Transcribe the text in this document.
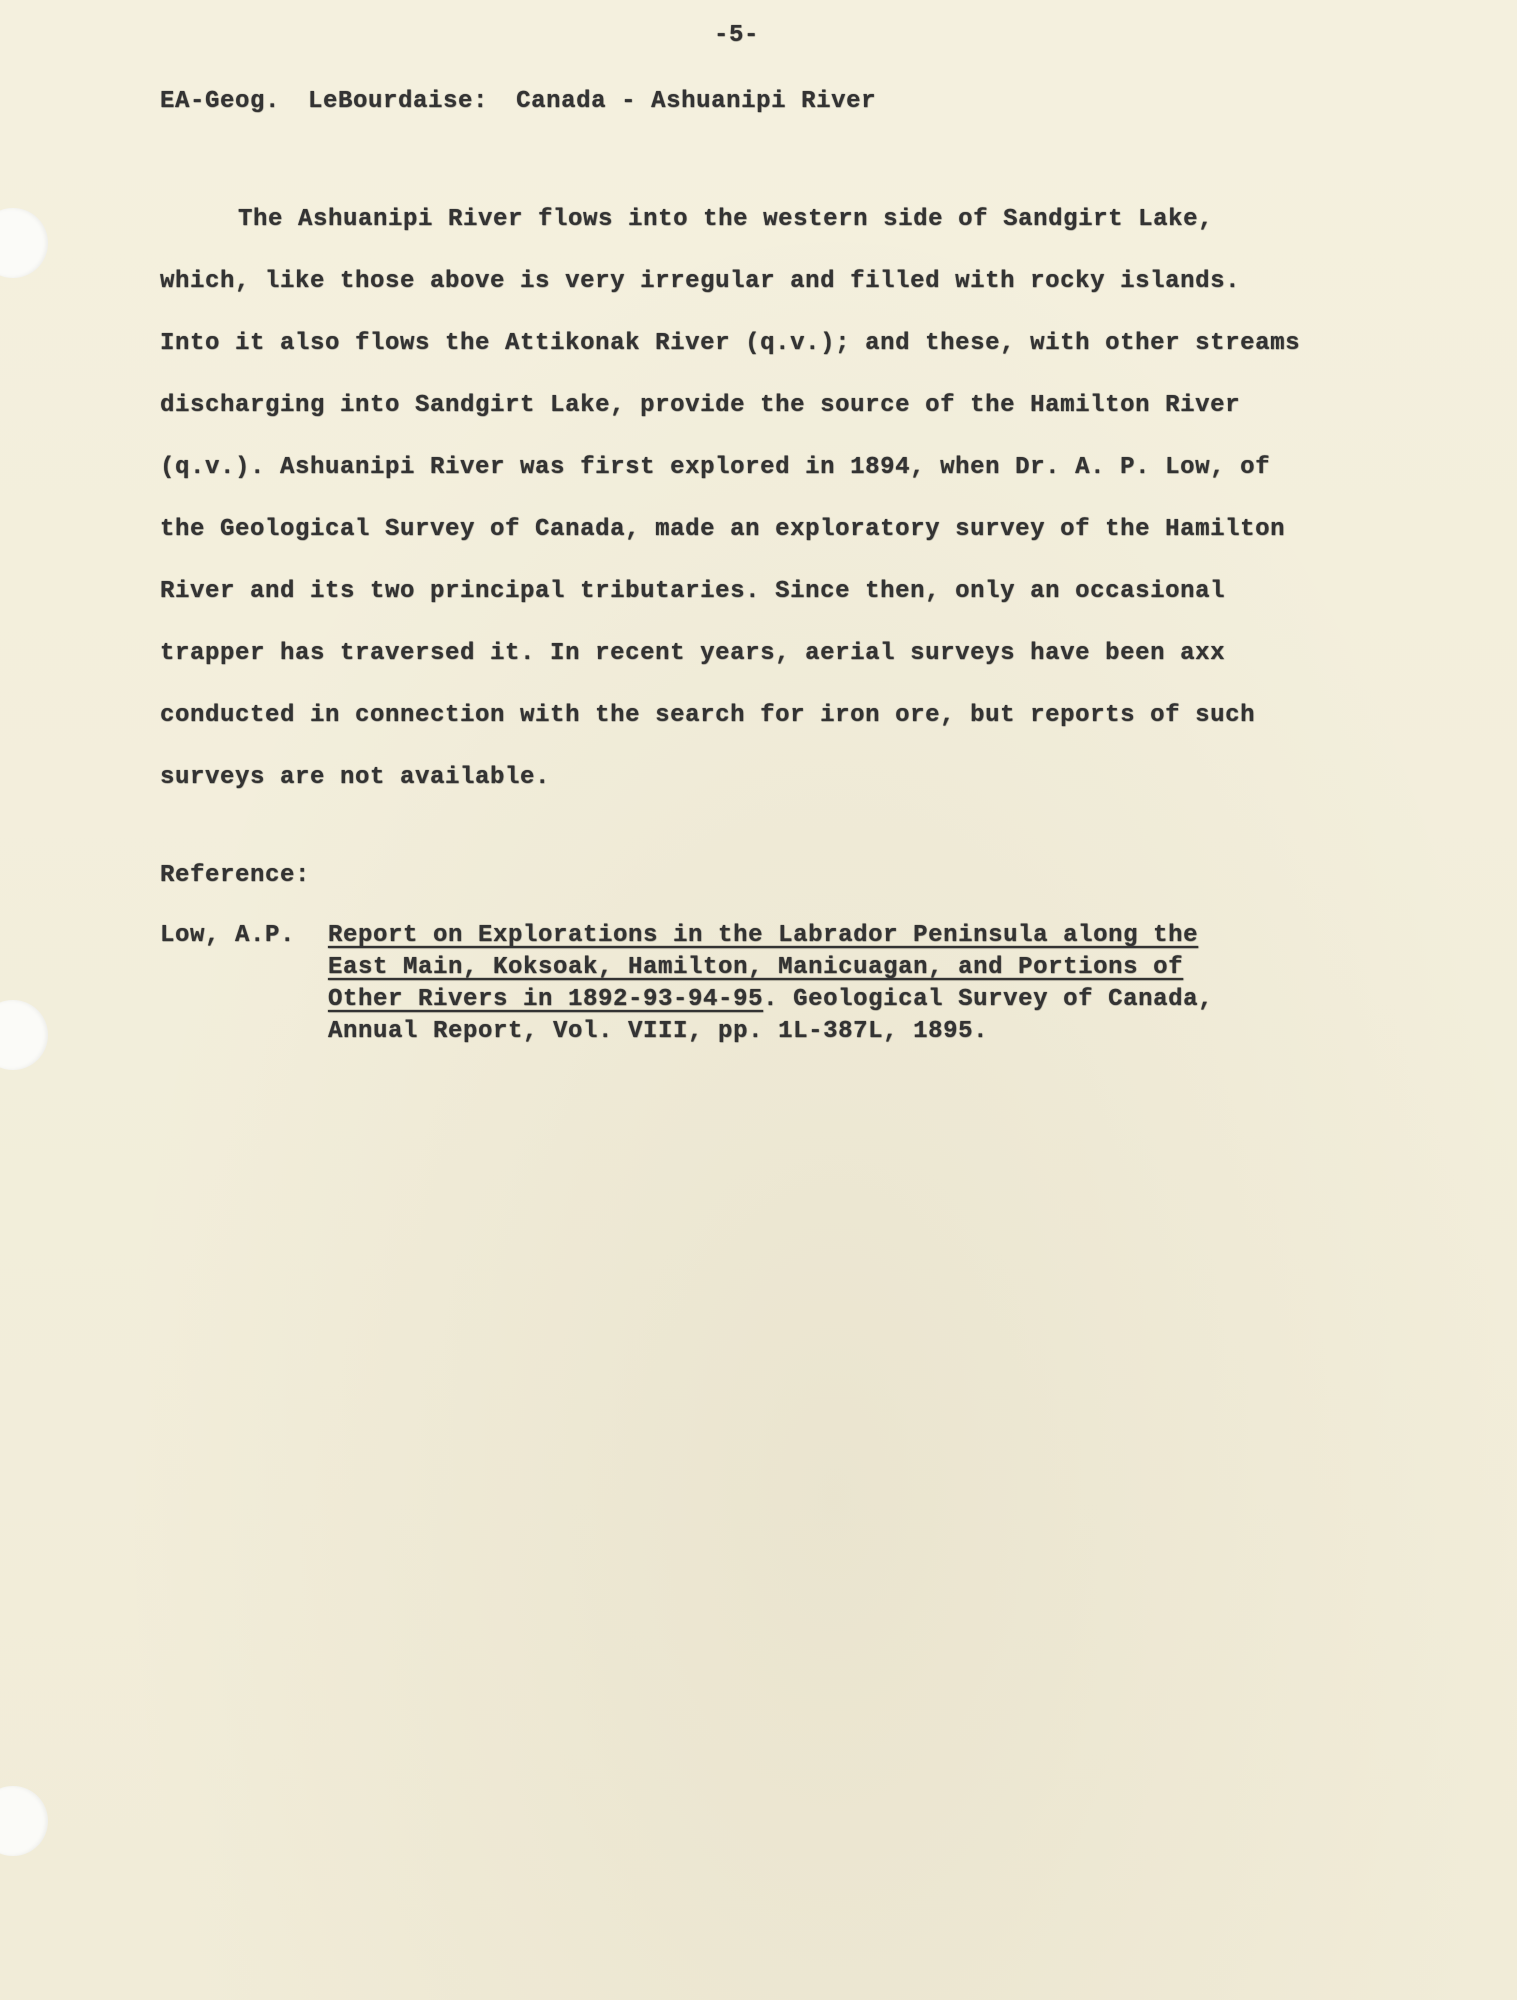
-5-
EA-Geog. LeBourdaise: Canada - Ashuanipi River
The Ashuanipi River flows into the western side of Sandgirt Lake,
which, like those above is very irregular and filled with rocky islands.
Into it also flows the Attikonak River (q.v.); and these, with other streams
discharging into Sandgirt Lake, provide the source of the Hamilton River
(q.v.). Ashuanipi River was first explored in 1894, when Dr. A. P. Low, of
the Geological Survey of Canada, made an exploratory survey of the Hamilton
River and its two principal tributaries. Since then, only an occasional
trapper has traversed it. In recent years, aerial surveys have been axx
conducted in connection with the search for iron ore, but reports of such
surveys are not available.
Reference:
Low, A.P. Report on Explorations in the Labrador Peninsula along the
East Main, Koksoak, Hamilton, Manicuagan, and Portions of
Other Rivers in 1892-93-94-95. Geological Survey of Canada,
Annual Report, Vol. VIII, pp. 1L-387L, 1895.
